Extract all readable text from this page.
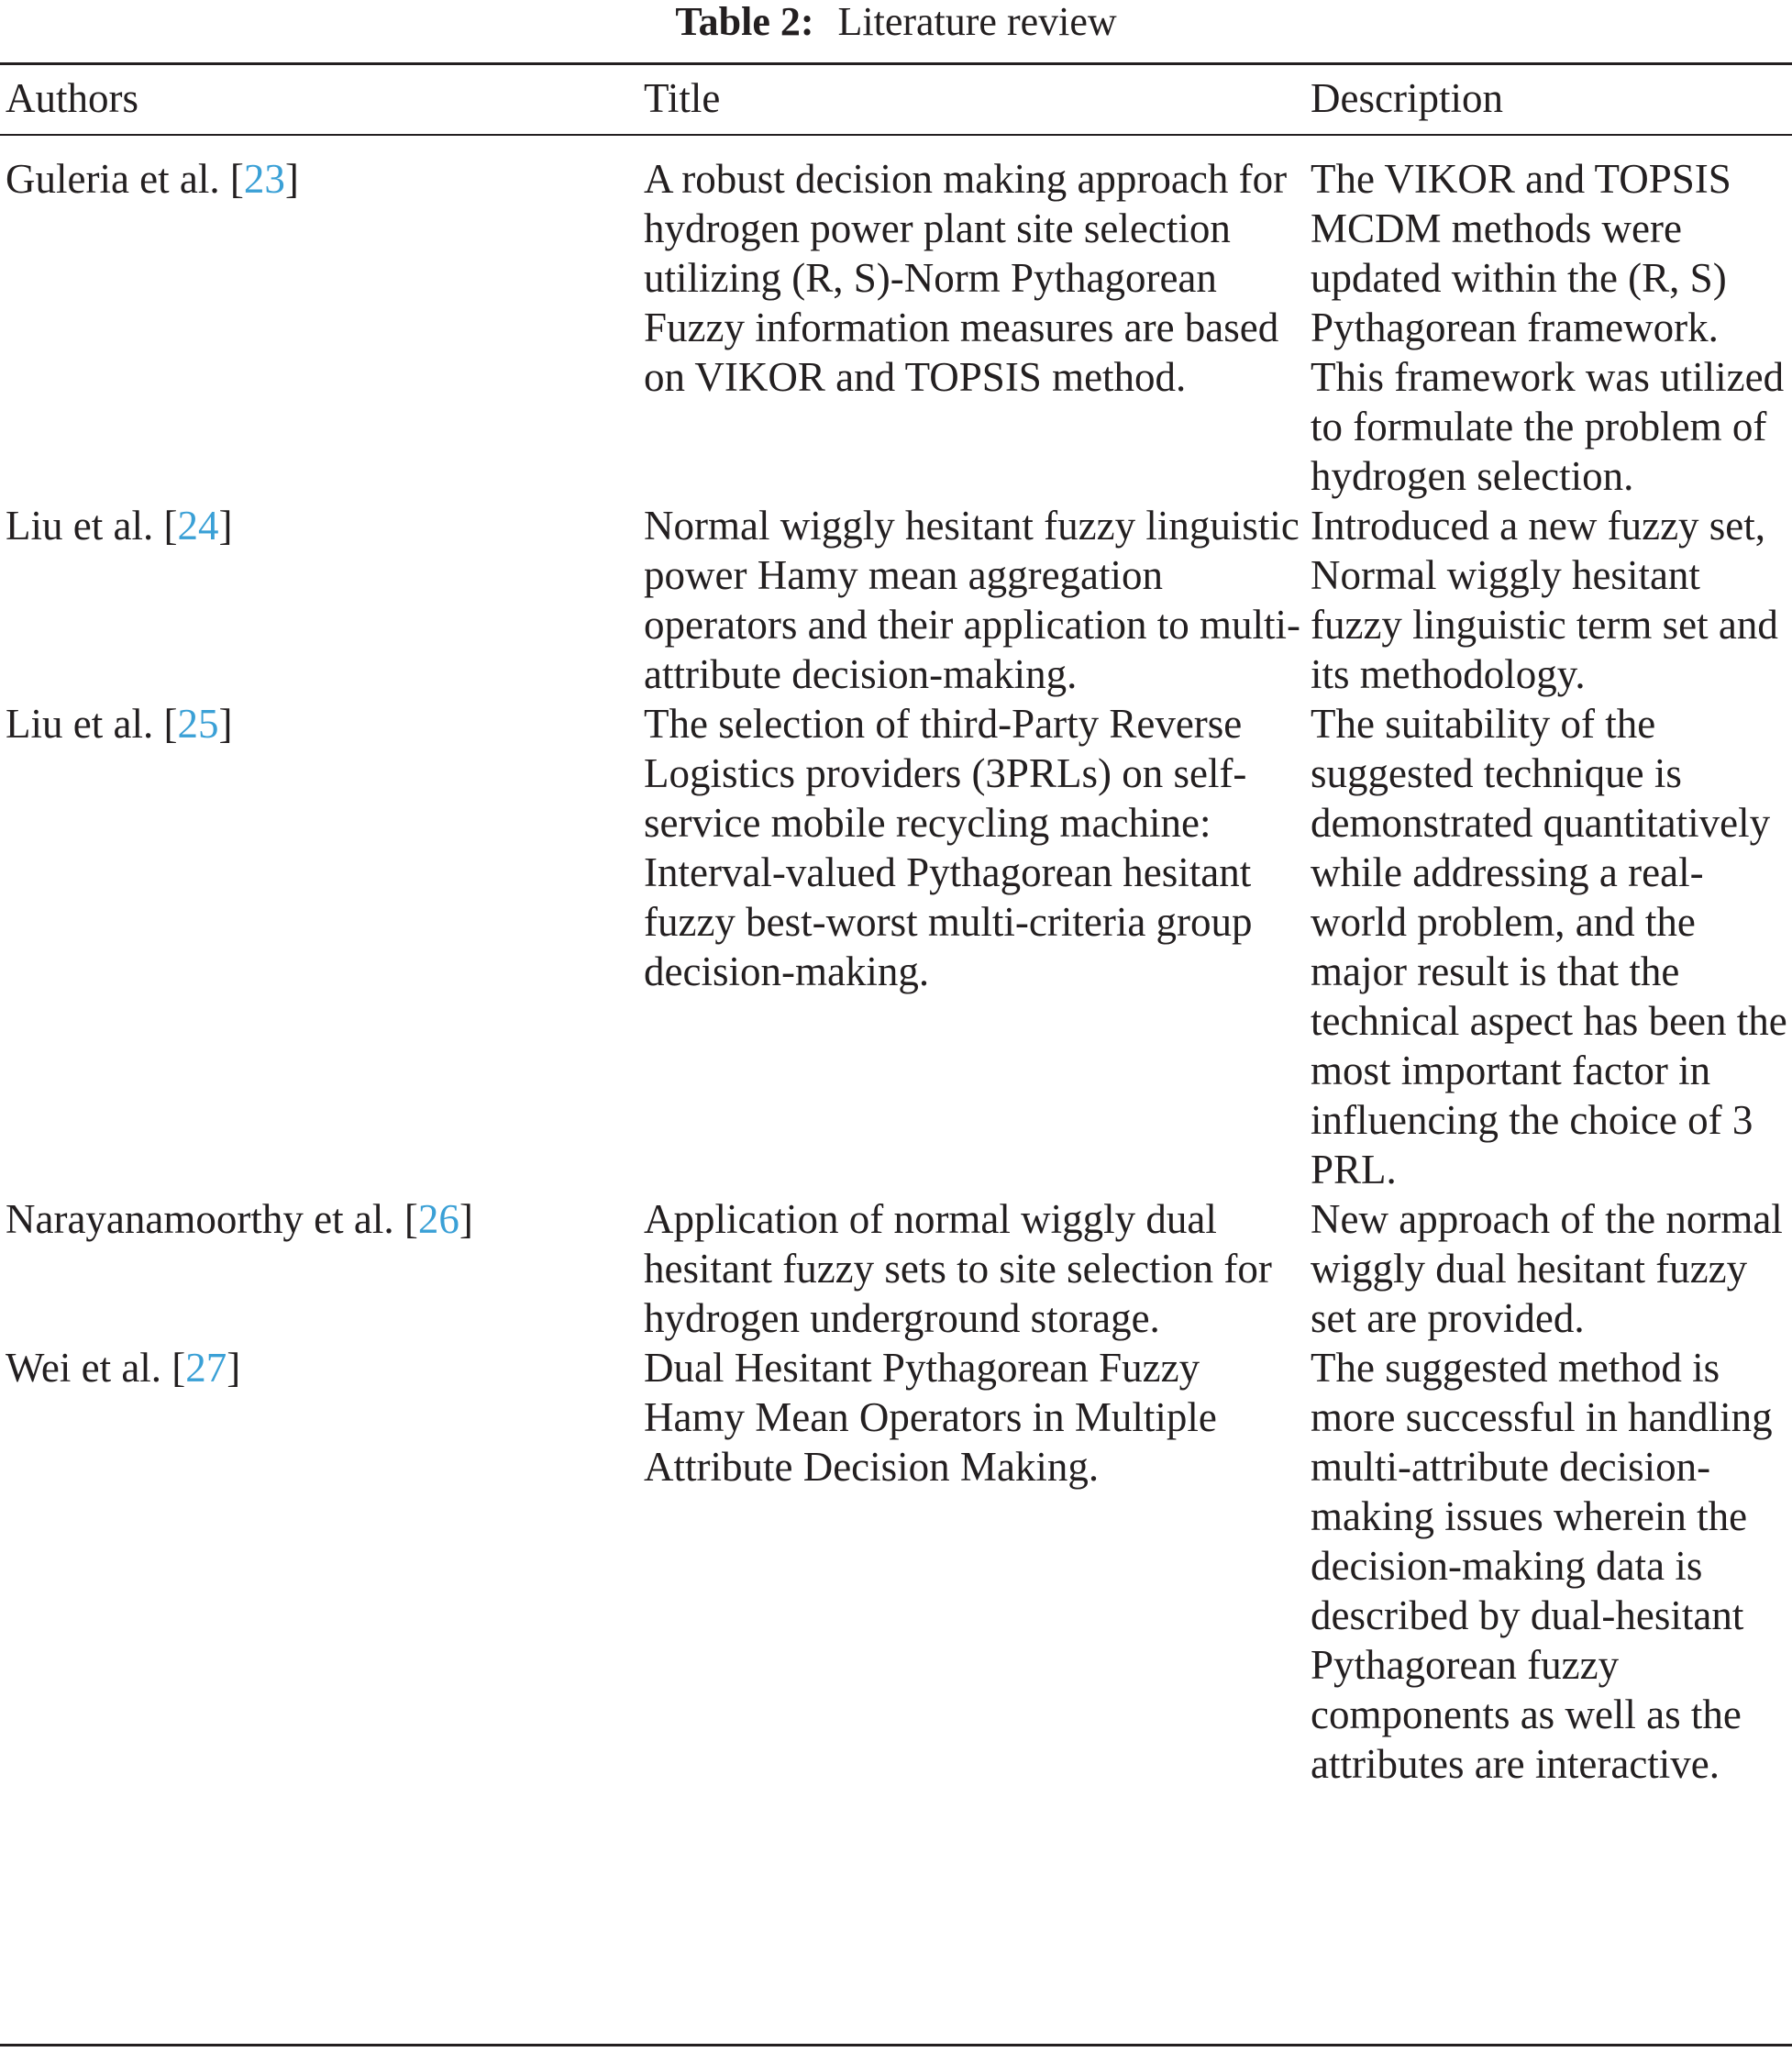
Table 2: Literature review
Authors	Title	Description
Guleria et al. [23]	A robust decision making approach for hydrogen power plant site selection utilizing (R, S)-Norm Pythagorean Fuzzy information measures are based on VIKOR and TOPSIS method.	The VIKOR and TOPSIS MCDM methods were updated within the (R, S) Pythagorean framework. This framework was utilized to formulate the problem of hydrogen selection.
Liu et al. [24]	Normal wiggly hesitant fuzzy linguistic power Hamy mean aggregation operators and their application to multi-attribute decision-making.	Introduced a new fuzzy set, Normal wiggly hesitant fuzzy linguistic term set and its methodology.
Liu et al. [25]	The selection of third-Party Reverse Logistics providers (3PRLs) on self-service mobile recycling machine: Interval-valued Pythagorean hesitant fuzzy best-worst multi-criteria group decision-making.	The suitability of the suggested technique is demonstrated quantitatively while addressing a real-world problem, and the major result is that the technical aspect has been the most important factor in influencing the choice of 3 PRL.
Narayanamoorthy et al. [26]	Application of normal wiggly dual hesitant fuzzy sets to site selection for hydrogen underground storage.	New approach of the normal wiggly dual hesitant fuzzy set are provided.
Wei et al. [27]	Dual Hesitant Pythagorean Fuzzy Hamy Mean Operators in Multiple Attribute Decision Making.	The suggested method is more successful in handling multi-attribute decision-making issues wherein the decision-making data is described by dual-hesitant Pythagorean fuzzy components as well as the attributes are interactive.
